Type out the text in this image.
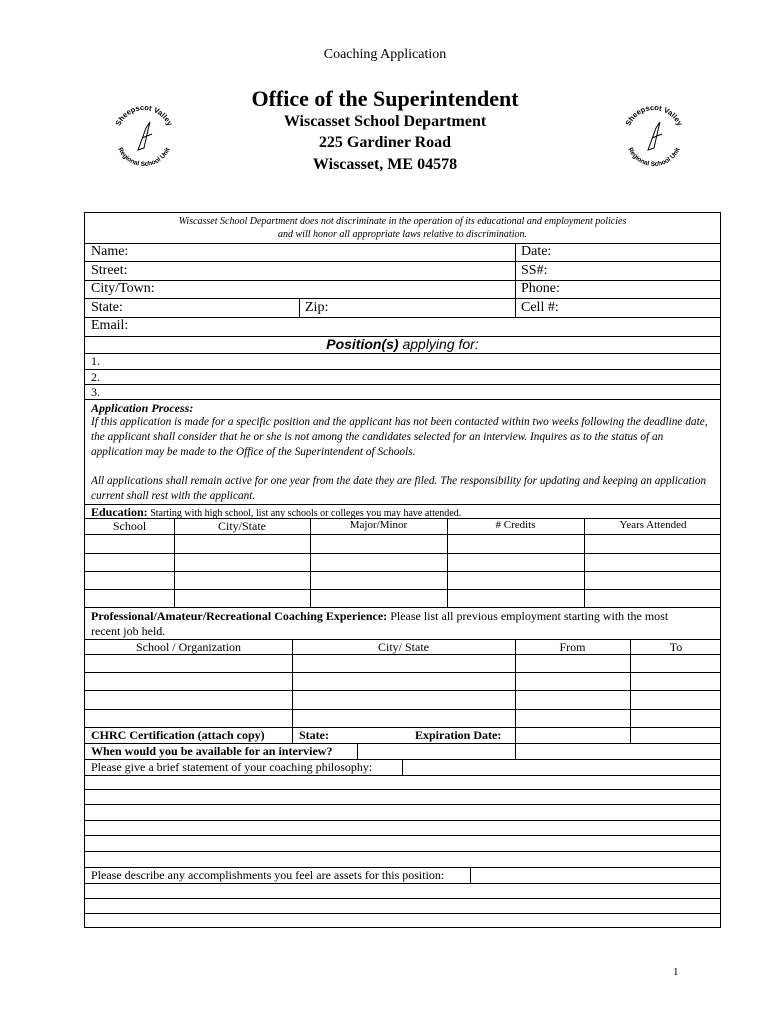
Coaching Application
Office of the Superintendent
Wiscasset School Department
225 Gardiner Road
Wiscasset, ME 04578
Sheepscot Valley
Regional School Unit
Sheepscot Valley
Regional School Unit
Wiscasset School Department does not discriminate in the operation of its educational and employment policies
and will honor all appropriate laws relative to discrimination.
Name:	Date:
Street:	SS#:
City/Town:	Phone:
State:	Zip:	Cell #:
Email:
Position(s) applying for:
1.
2.
3.
Application Process:
If this application is made for a specific position and the applicant has not been contacted within two weeks following the deadline date, the applicant shall consider that he or she is not among the candidates selected for an interview. Inquires as to the status of an application may be made to the Office of the Superintendent of Schools.
All applications shall remain active for one year from the date they are filed. The responsibility for updating and keeping an application current shall rest with the applicant.
Education: Starting with high school, list any schools or colleges you may have attended.
School	City/State	Major/Minor	# Credits	Years Attended
Professional/Amateur/Recreational Coaching Experience: Please list all previous employment starting with the most
recent job held.
School / Organization	City/ State	From	To
CHRC Certification (attach copy)	State:	Expiration Date:
When would you be available for an interview?
Please give a brief statement of your coaching philosophy:
Please describe any accomplishments you feel are assets for this position:
1
